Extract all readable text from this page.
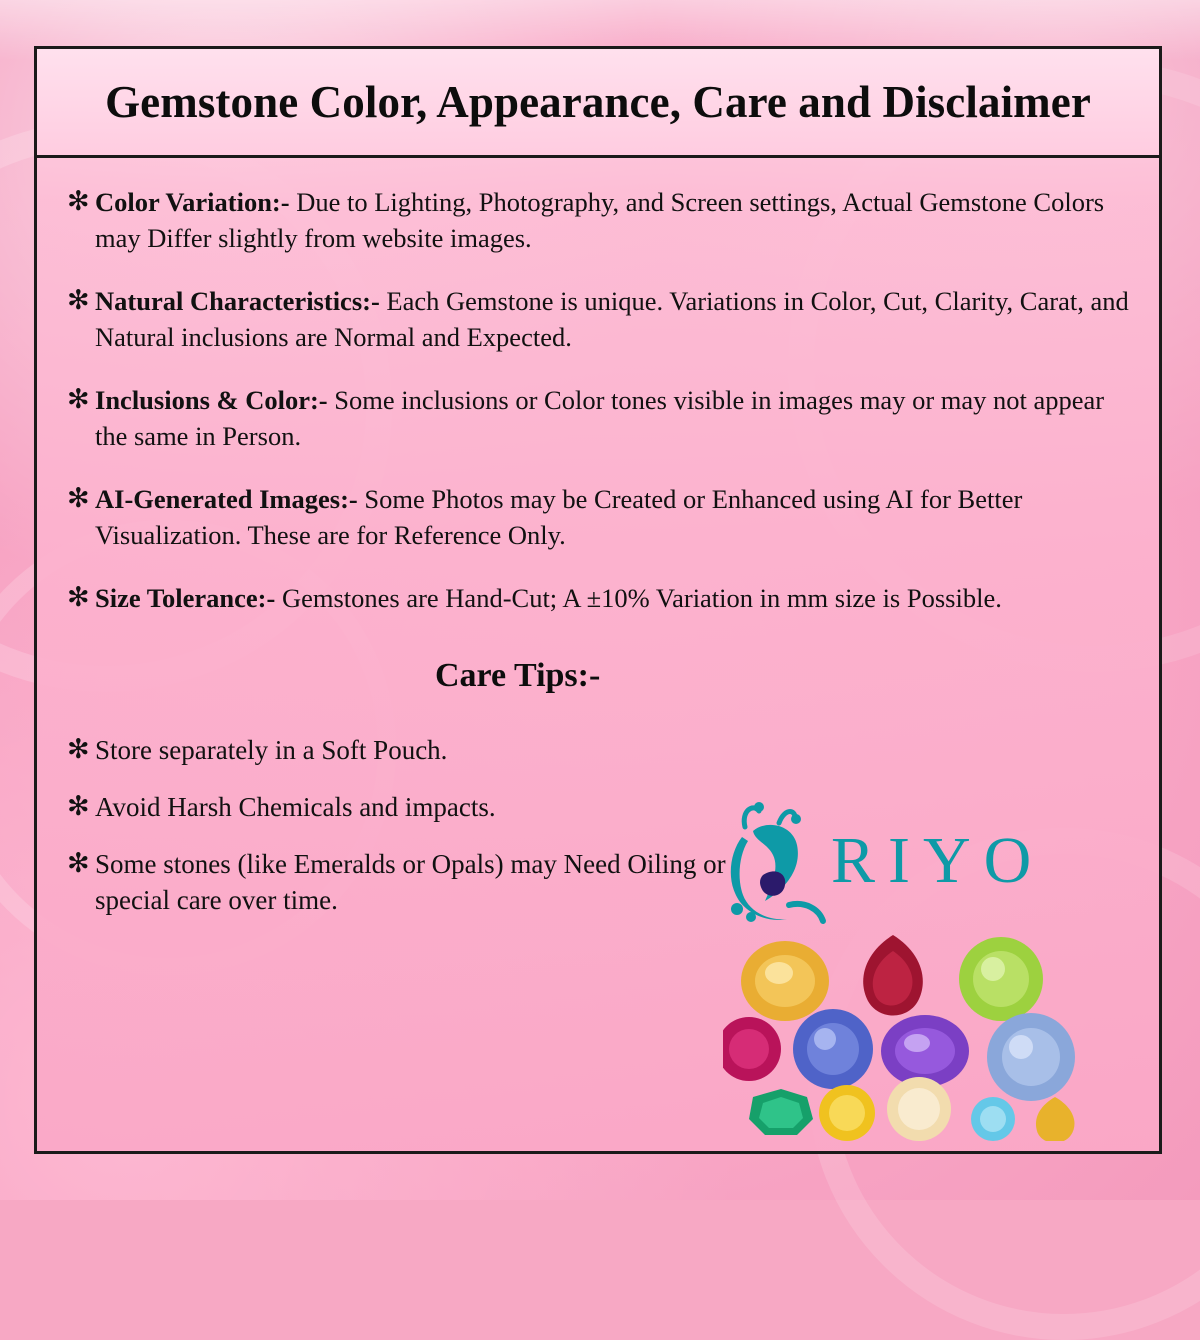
Gemstone Color, Appearance, Care and Disclaimer

✻ Color Variation:- Due to Lighting, Photography, and Screen settings, Actual Gemstone Colors may Differ slightly from website images.

✻ Natural Characteristics:- Each Gemstone is unique. Variations in Color, Cut, Clarity, Carat, and Natural inclusions are Normal and Expected.

✻ Inclusions & Color:- Some inclusions or Color tones visible in images may or may not appear the same in Person.

✻ AI-Generated Images:- Some Photos may be Created or Enhanced using AI for Better Visualization. These are for Reference Only.

✻ Size Tolerance:- Gemstones are Hand-Cut; A ±10% Variation in mm size is Possible.

Care Tips:-

✻ Store separately in a Soft Pouch.

✻ Avoid Harsh Chemicals and impacts.

✻ Some stones (like Emeralds or Opals) may Need Oiling or special care over time.

RIYO
